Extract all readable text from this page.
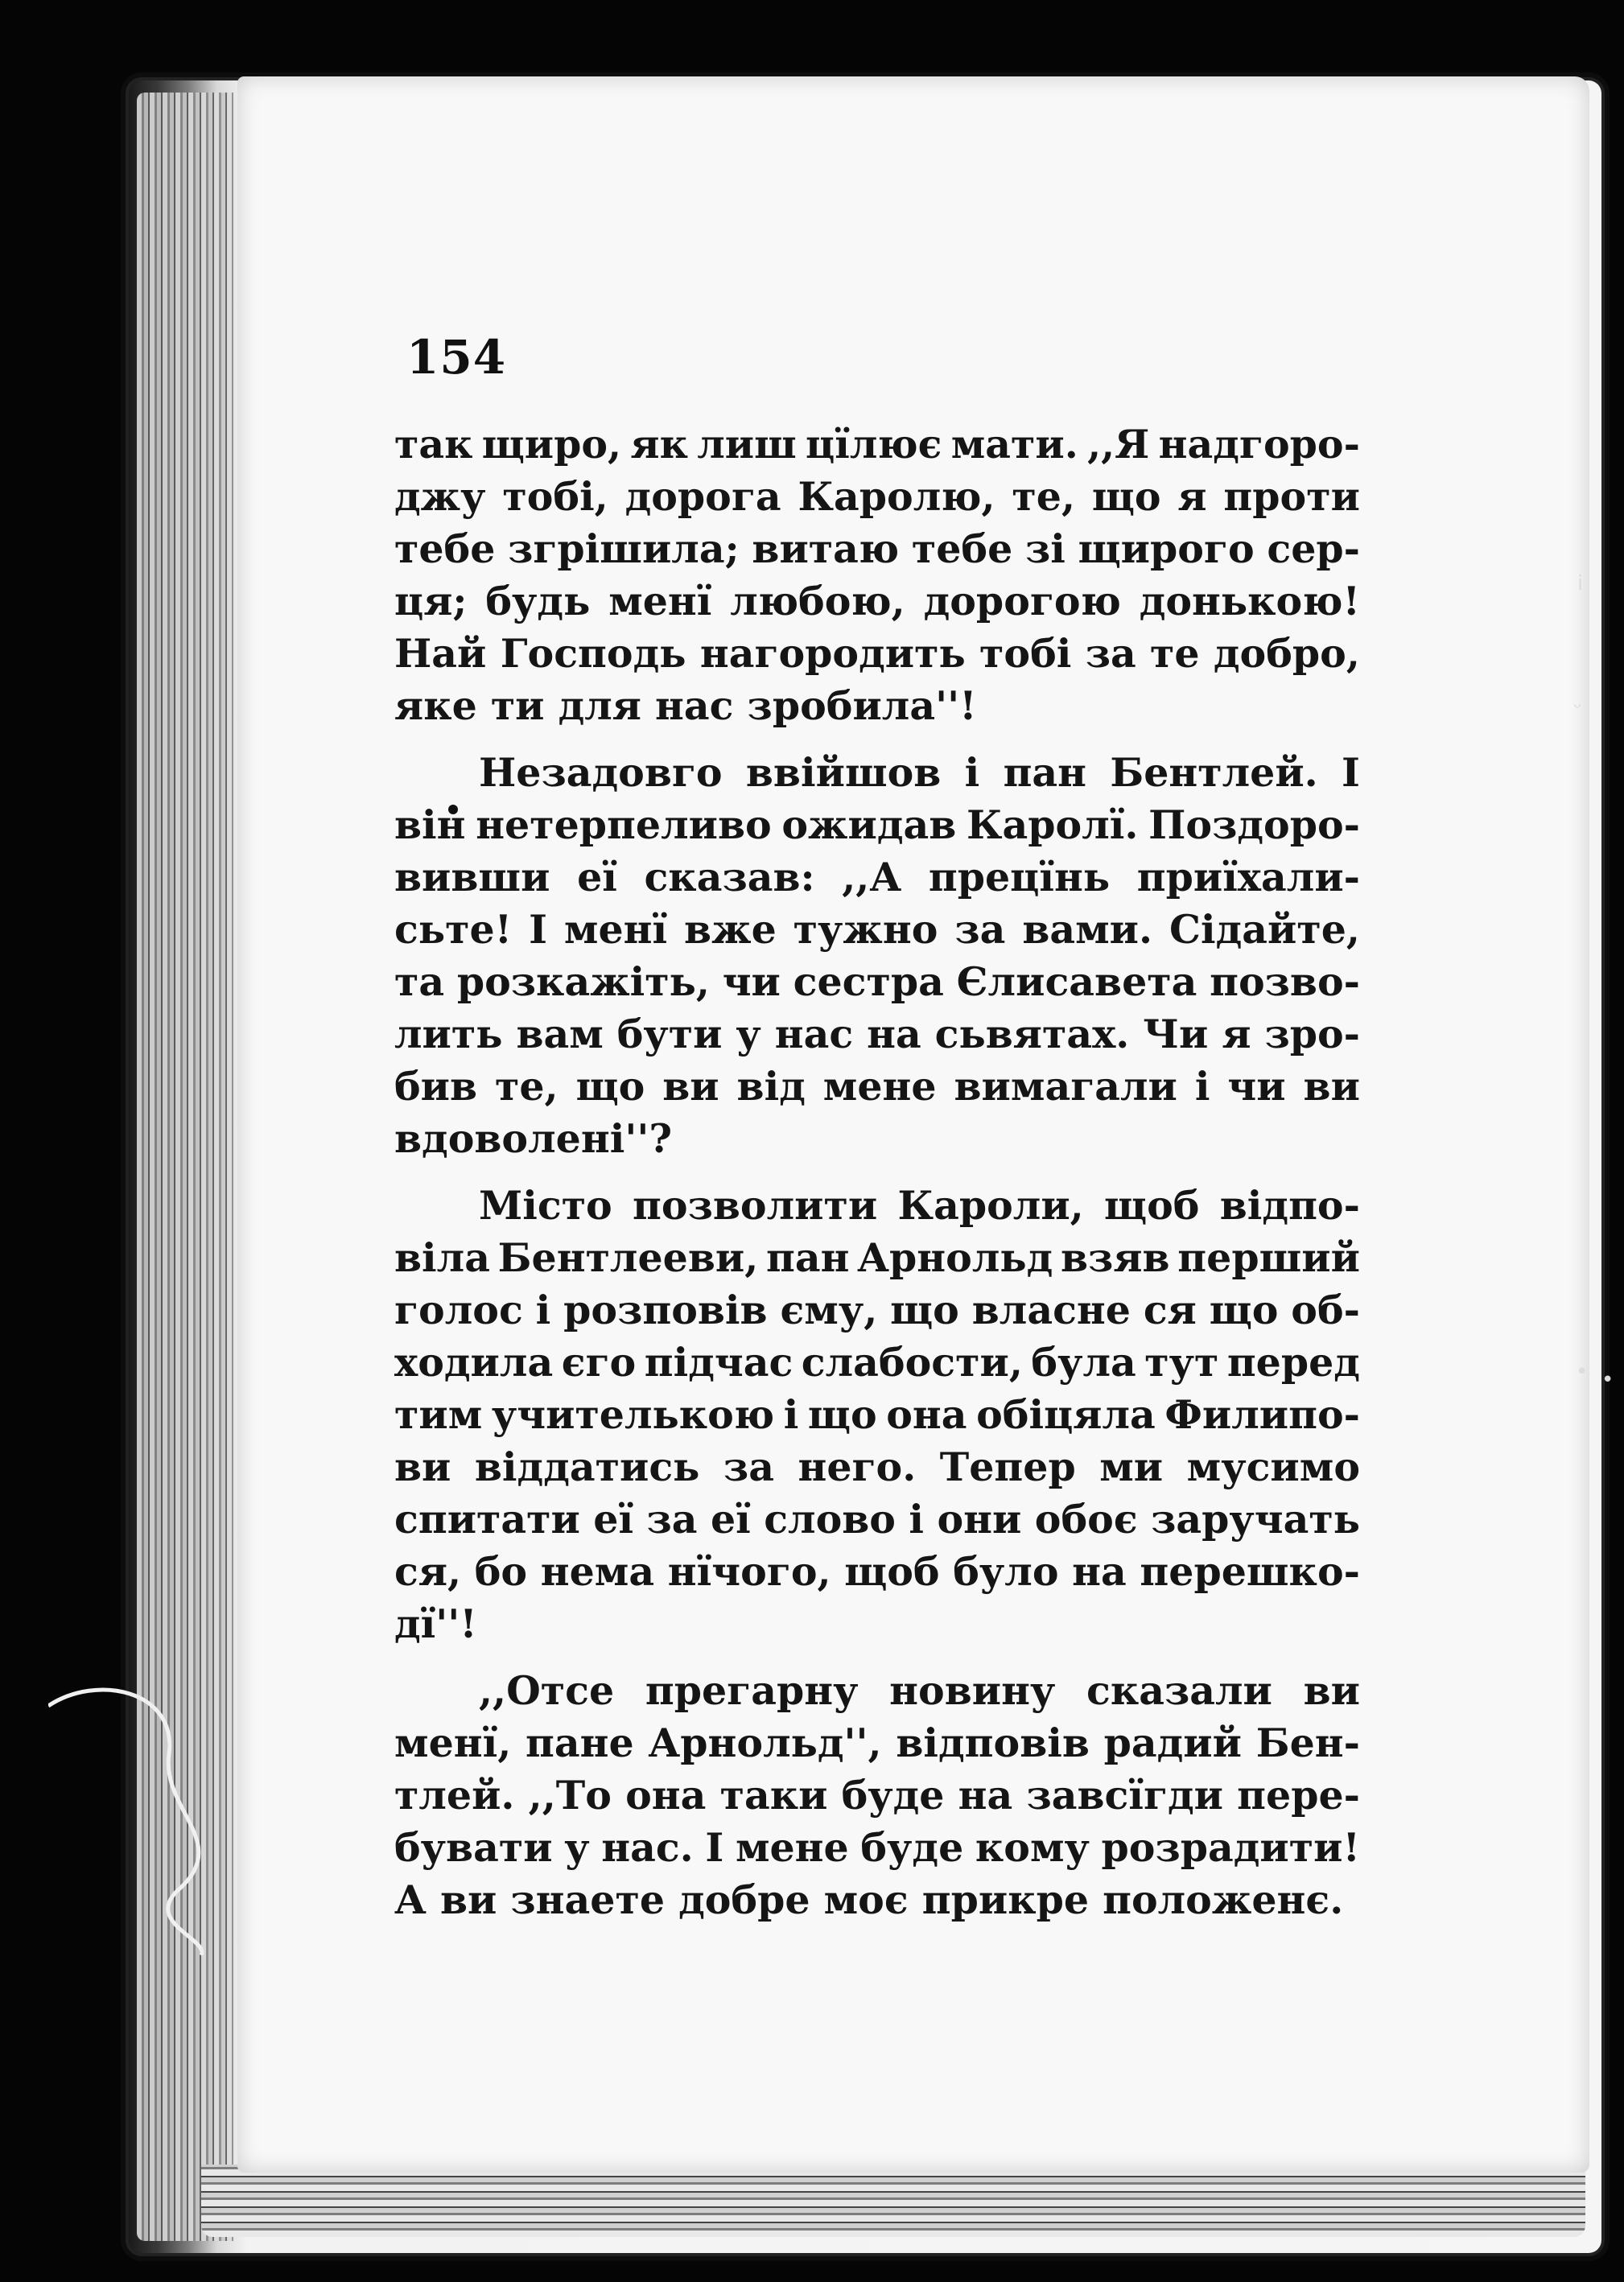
ⅰ
ᵕ
• •
154
так щиро, як лиш цїлює мати. ,,Я надгоро-
джу тобі, дорога Каролю, те, що я проти
тебе згрішила; витаю тебе зі щирого сер-
ця; будь менї любою, дорогою донькою!
Най Господь нагородить тобі за те добро,
яке ти для нас зробила''!
Незадовго ввійшов і пан Бентлей. І
він нетерпеливо ожидав Каролї. Поздоро-
вивши еї сказав: ,,А прецїнь приїхали-
сьте! І менї вже тужно за вами. Сідайте,
та розкажіть, чи сестра Єлисавета позво-
лить вам бути у нас на сьвятах. Чи я зро-
бив те, що ви від мене вимагали і чи ви
вдоволені''?
Місто позволити Кароли, щоб відпо-
віла Бентлееви, пан Арнольд взяв перший
голос і розповів єму, що власне ся що об-
ходила єго підчас слабости, була тут перед
тим учителькою і що она обіцяла Филипо-
ви віддатись за него. Тепер ми мусимо
спитати еї за еї слово і они обоє заручать
ся, бо нема нїчого, щоб було на перешко-
дї''!
,,Отсе прегарну новину сказали ви
менї, пане Арнольд'', відповів радий Бен-
тлей. ,,То она таки буде на завсїгди пере-
бувати у нас. І мене буде кому розрадити!
А ви знаете добре моє прикре положенє.
